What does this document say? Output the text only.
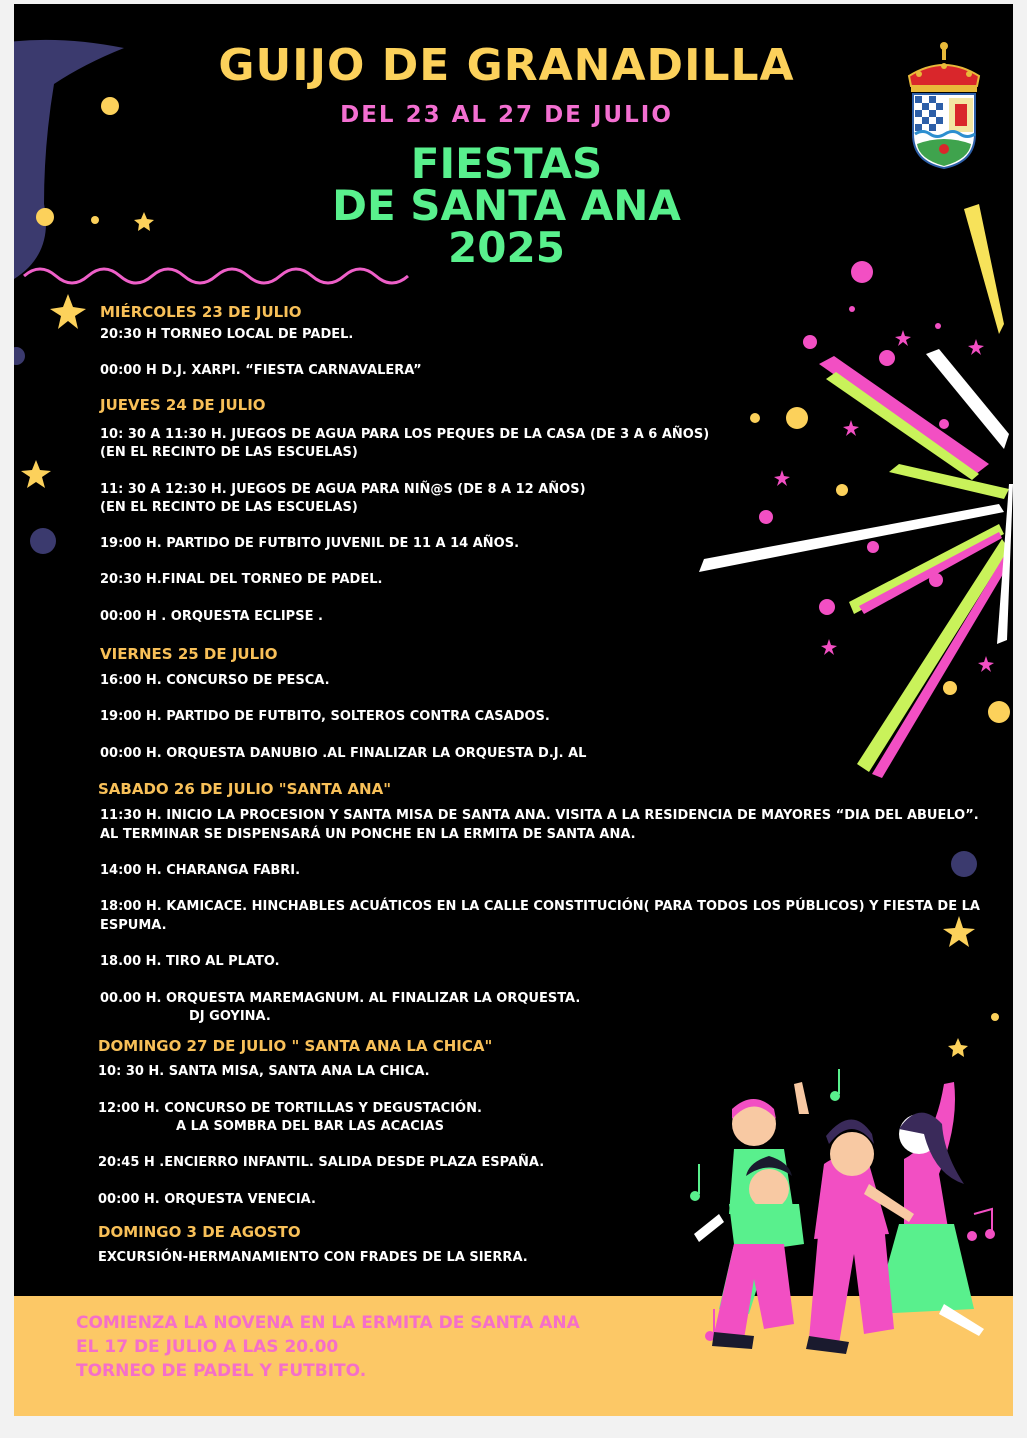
GUIJO DE GRANADILLA
DEL 23 AL 27 DE JULIO
FIESTAS
DE SANTA ANA
2025
MIÉRCOLES 23 DE JULIO
20:30 H TORNEO LOCAL DE PADEL.
00:00 H D.J. XARPI. “FIESTA CARNAVALERA”
JUEVES 24 DE JULIO
10: 30 A 11:30 H. JUEGOS DE AGUA PARA LOS PEQUES DE LA CASA (DE 3 A 6 AÑOS)
(EN EL RECINTO DE LAS ESCUELAS)
11: 30 A 12:30 H. JUEGOS DE AGUA PARA NIÑ@S (DE 8 A 12 AÑOS)
(EN EL RECINTO DE LAS ESCUELAS)
19:00 H. PARTIDO DE FUTBITO JUVENIL DE 11 A 14 AÑOS.
20:30 H.FINAL DEL TORNEO DE PADEL.
00:00 H . ORQUESTA ECLIPSE .
VIERNES 25 DE JULIO
16:00 H. CONCURSO DE PESCA.
19:00 H. PARTIDO DE FUTBITO, SOLTEROS CONTRA CASADOS.
00:00 H. ORQUESTA DANUBIO .AL FINALIZAR LA ORQUESTA D.J. AL
SABADO 26 DE JULIO "SANTA ANA"
11:30 H. INICIO LA PROCESION Y SANTA MISA DE SANTA ANA. VISITA A LA RESIDENCIA DE MAYORES “DIA DEL ABUELO”.
AL TERMINAR SE DISPENSARÁ UN PONCHE EN LA ERMITA DE SANTA ANA.
14:00 H. CHARANGA FABRI.
18:00 H. KAMICACE. HINCHABLES ACUÁTICOS EN LA CALLE CONSTITUCIÓN( PARA TODOS LOS PÚBLICOS) Y FIESTA DE LA
ESPUMA.
18.00 H. TIRO AL PLATO.
00.00 H. ORQUESTA MAREMAGNUM. AL FINALIZAR LA ORQUESTA.
DJ GOYINA.
DOMINGO 27 DE JULIO " SANTA ANA LA CHICA"
10: 30 H. SANTA MISA, SANTA ANA LA CHICA.
12:00 H. CONCURSO DE TORTILLAS Y DEGUSTACIÓN.
A LA SOMBRA DEL BAR LAS ACACIAS
20:45 H .ENCIERRO INFANTIL. SALIDA DESDE PLAZA ESPAÑA.
00:00 H. ORQUESTA VENECIA.
DOMINGO 3 DE AGOSTO
EXCURSIÓN-HERMANAMIENTO CON FRADES DE LA SIERRA.
COMIENZA LA NOVENA EN LA ERMITA DE SANTA ANA
EL 17 DE JULIO A LAS 20.00
TORNEO DE PADEL Y FUTBITO.
